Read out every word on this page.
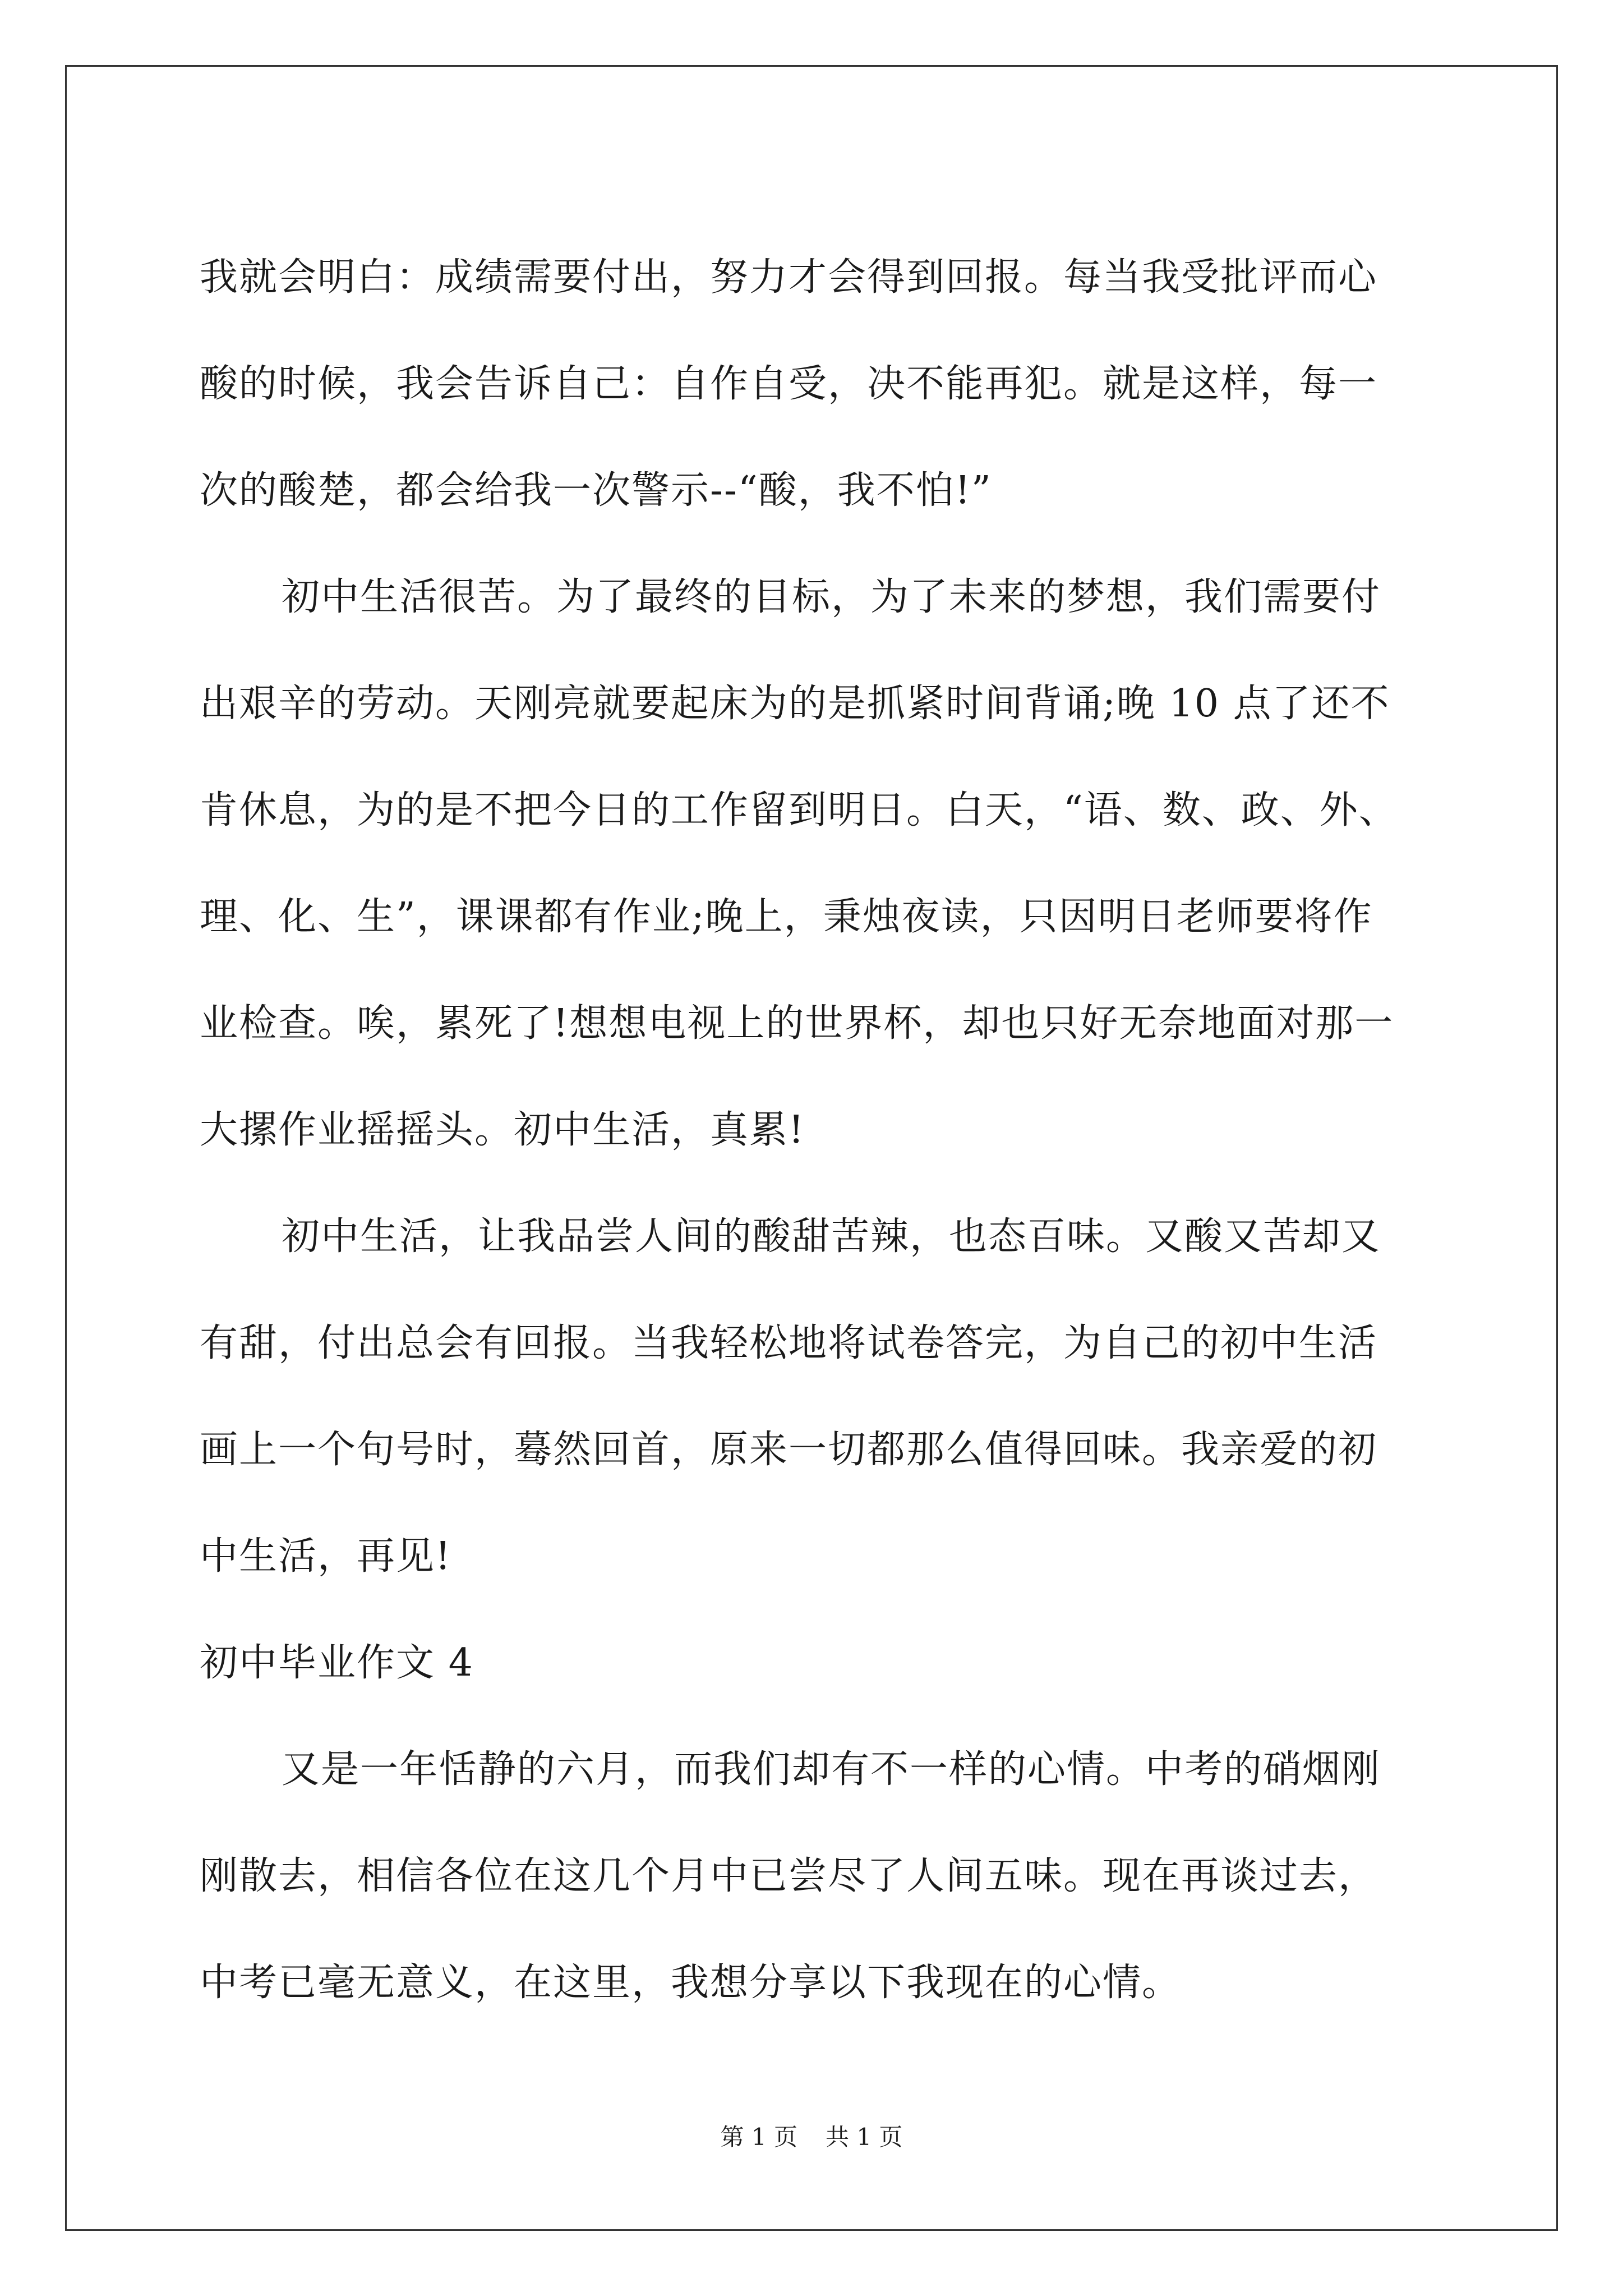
我就会明白：成绩需要付出，努力才会得到回报。每当我受批评而心
酸的时候，我会告诉自己：自作自受，决不能再犯。就是这样，每一
次的酸楚，都会给我一次警示--“酸，我不怕!”
初中生活很苦。为了最终的目标，为了未来的梦想，我们需要付
出艰辛的劳动。天刚亮就要起床为的是抓紧时间背诵;晚 10 点了还不
肯休息，为的是不把今日的工作留到明日。白天，“语、数、政、外、
理、化、生”，课课都有作业;晚上，秉烛夜读，只因明日老师要将作
业检查。唉，累死了!想想电视上的世界杯，却也只好无奈地面对那一
大摞作业摇摇头。初中生活，真累!
初中生活，让我品尝人间的酸甜苦辣，也态百味。又酸又苦却又
有甜，付出总会有回报。当我轻松地将试卷答完，为自己的初中生活
画上一个句号时，蓦然回首，原来一切都那么值得回味。我亲爱的初
中生活，再见!
初中毕业作文 4
又是一年恬静的六月，而我们却有不一样的心情。中考的硝烟刚
刚散去，相信各位在这几个月中已尝尽了人间五味。现在再谈过去，
中考已毫无意义，在这里，我想分享以下我现在的心情。
第 1 页 共 1 页
